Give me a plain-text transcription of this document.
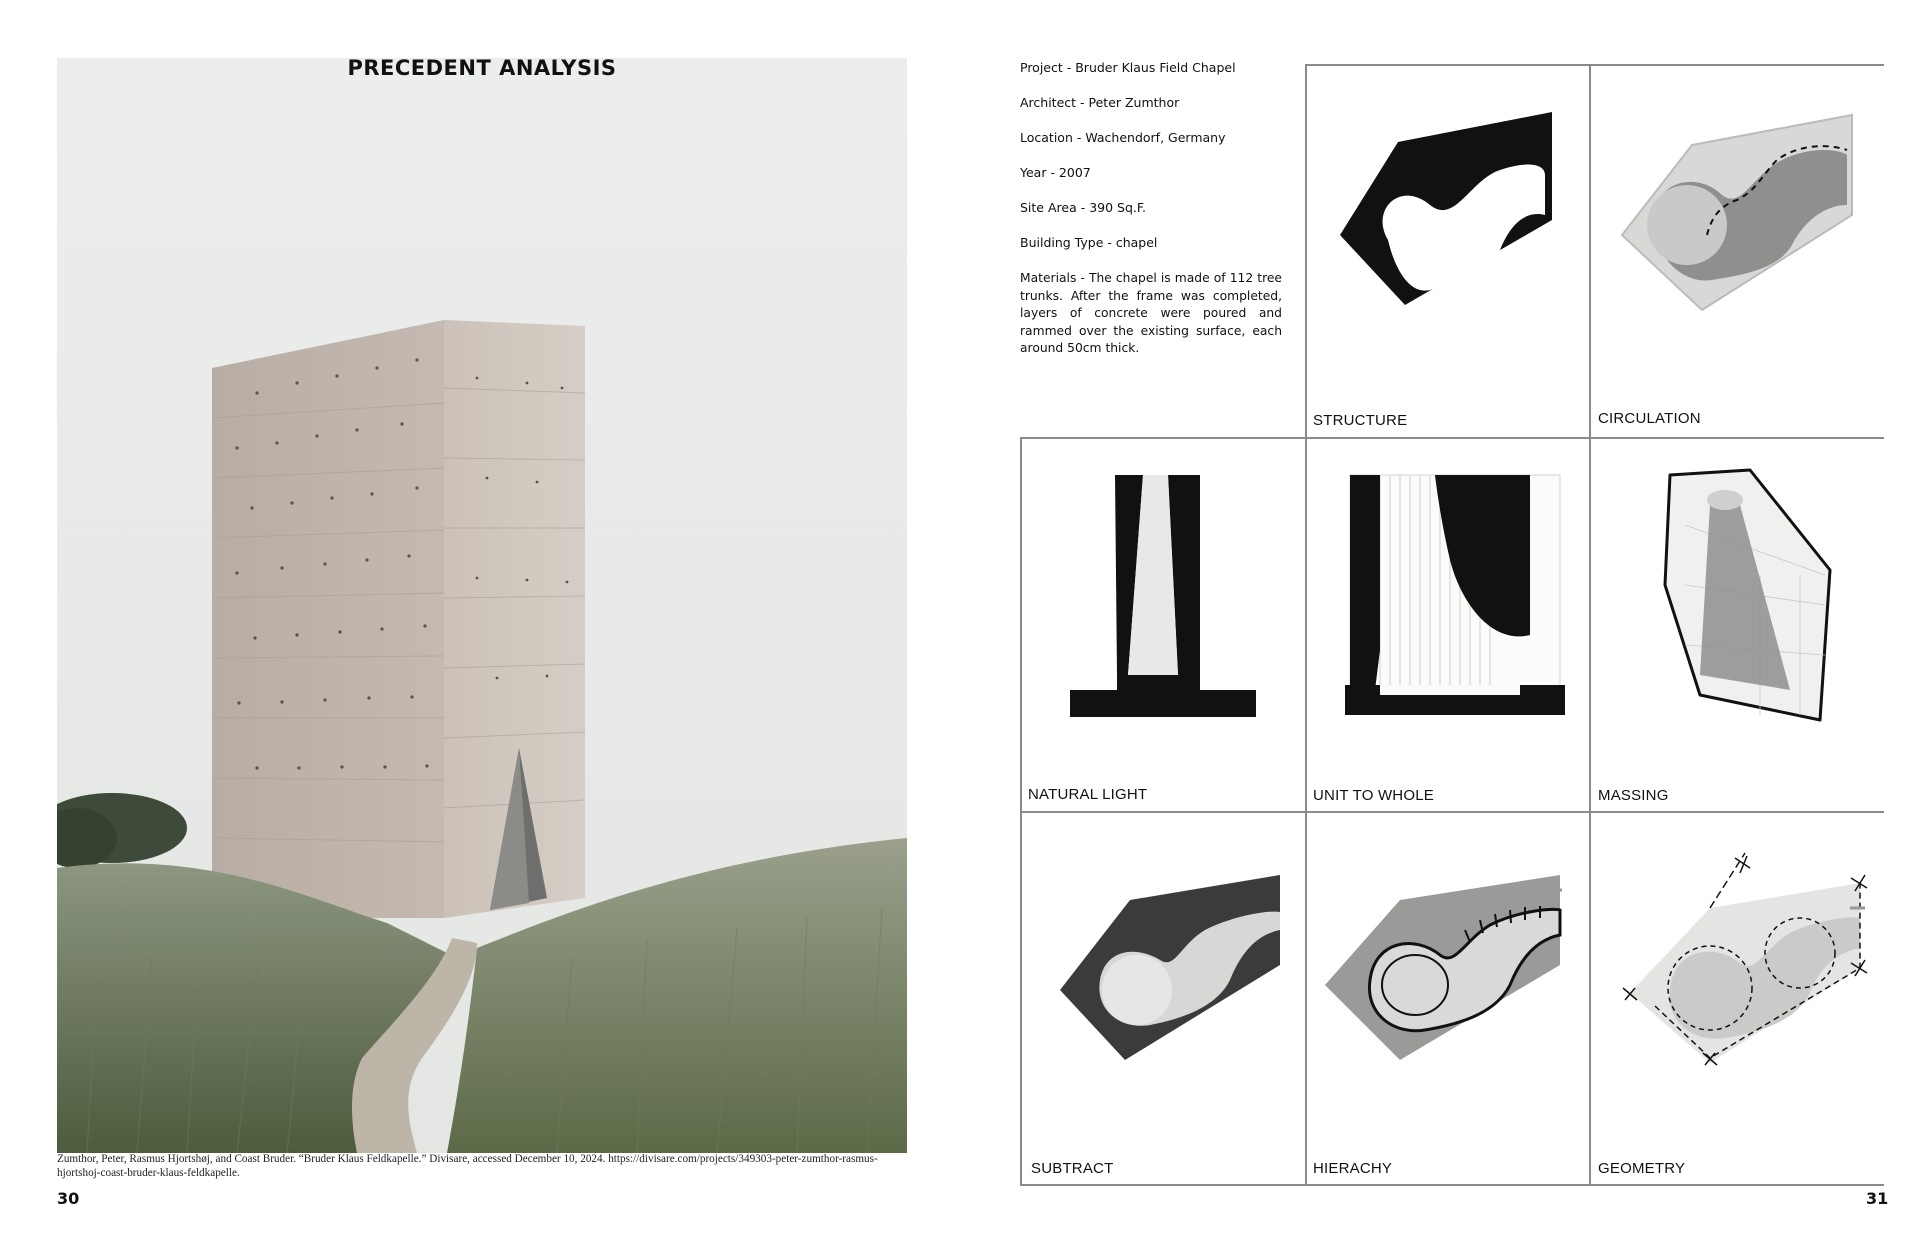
PRECEDENT ANALYSIS
Zumthor, Peter, Rasmus Hjortshøj, and Coast Bruder. “Bruder Klaus Feldkapelle.” Divisare, accessed December 10, 2024. https://divisare.com/projects/349303-peter-zumthor-rasmus-hjortshoj-coast-bruder-klaus-feldkapelle.
30
Project - Bruder Klaus Field Chapel
Architect - Peter Zumthor
Location - Wachendorf, Germany
Year - 2007
Site Area - 390 Sq.F.
Building Type - chapel
Materials - The chapel is made of 112 tree trunks. After the frame was completed, layers of concrete were poured and rammed over the existing surface, each around 50cm thick.
STRUCTURE	CIRCULATION
NATURAL LIGHT	UNIT TO WHOLE	MASSING
SUBTRACT	HIERACHY	GEOMETRY
31
